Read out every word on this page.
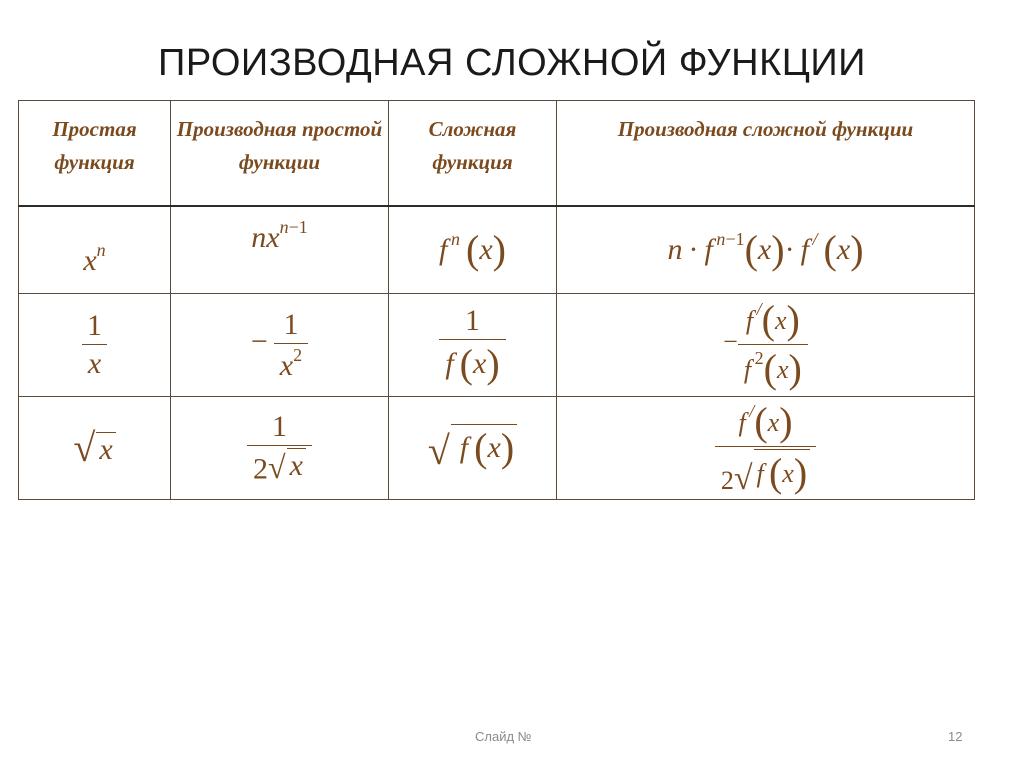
ПРОИЗВОДНАЯ СЛОЖНОЙ ФУНКЦИИ
Простая функция	Производная простой функции	Сложная функция	Производная сложной функции
$x^n$	$nx^{n-1}$	f $^n$  (x)	n · f $^{n-1}$(x)· f /  (x)

$\frac{1}{x}$	−  $\frac{1}{x^2}$	$\frac{1}{f (x)}$	− $\frac{f ^/(x)}{f ^2(x)}$

√ x	$\frac{1}{2 √ x}$	√  f (x)	$\frac{f ^/(x)}{2 √ f (x)}$
Слайд №	12
